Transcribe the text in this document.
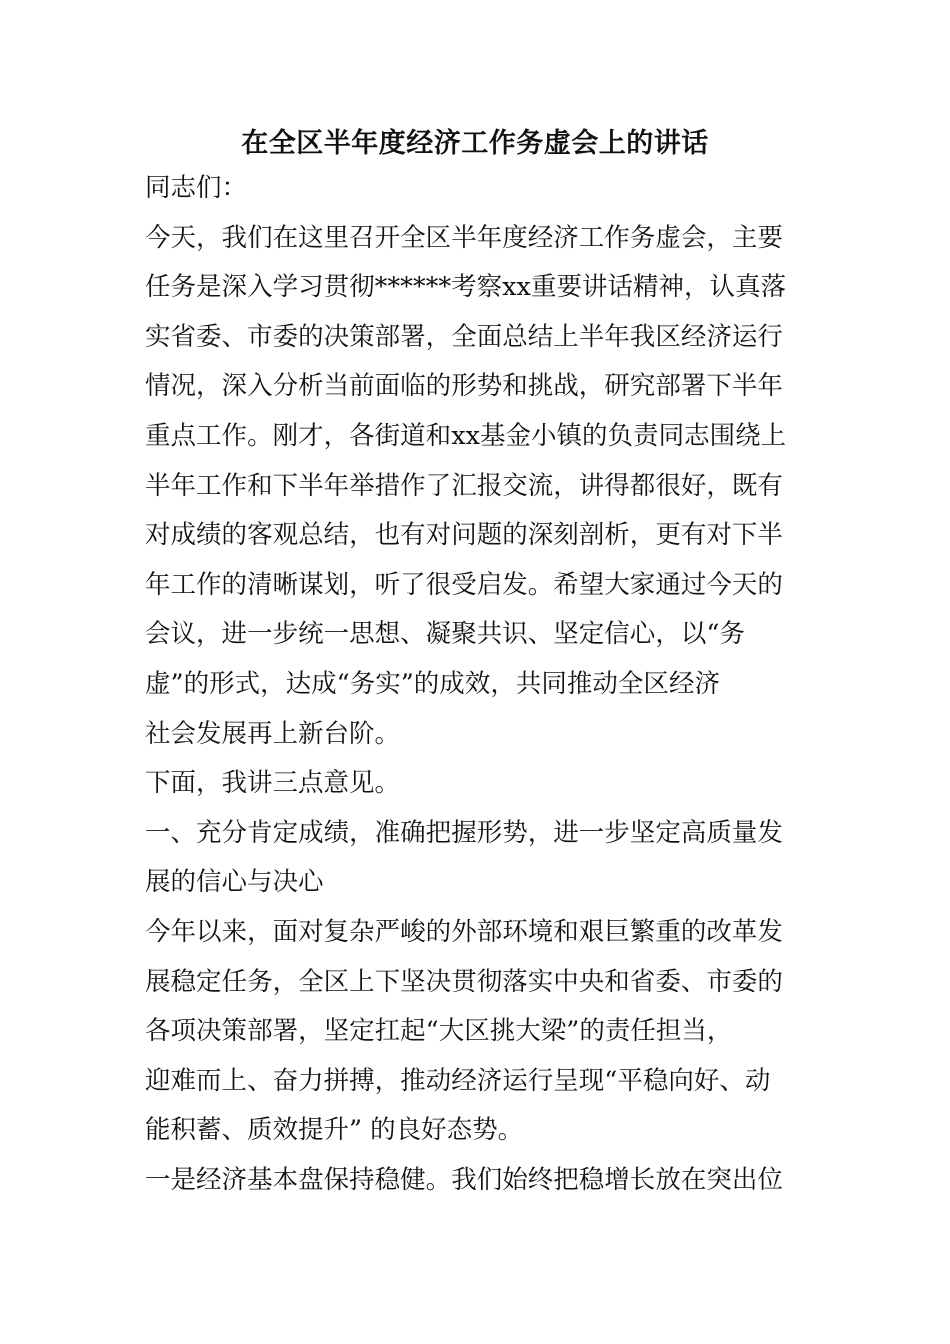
在全区半年度经济工作务虚会上的讲话
同志们：
今天，我们在这里召开全区半年度经济工作务虚会，主要
任务是深入学习贯彻******考察xx重要讲话精神，认真落
实省委、市委的决策部署，全面总结上半年我区经济运行
情况，深入分析当前面临的形势和挑战，研究部署下半年
重点工作。刚才，各街道和xx基金小镇的负责同志围绕上
半年工作和下半年举措作了汇报交流，讲得都很好，既有
对成绩的客观总结，也有对问题的深刻剖析，更有对下半
年工作的清晰谋划，听了很受启发。希望大家通过今天的
会议，进一步统一思想、凝聚共识、坚定信心，以“务
虚”的形式，达成“务实”的成效，共同推动全区经济
社会发展再上新台阶。
下面，我讲三点意见。
一、充分肯定成绩，准确把握形势，进一步坚定高质量发
展的信心与决心
今年以来，面对复杂严峻的外部环境和艰巨繁重的改革发
展稳定任务，全区上下坚决贯彻落实中央和省委、市委的
各项决策部署，坚定扛起“大区挑大梁”的责任担当，
迎难而上、奋力拼搏，推动经济运行呈现“平稳向好、动
能积蓄、质效提升” 的良好态势。
一是经济基本盘保持稳健。我们始终把稳增长放在突出位
